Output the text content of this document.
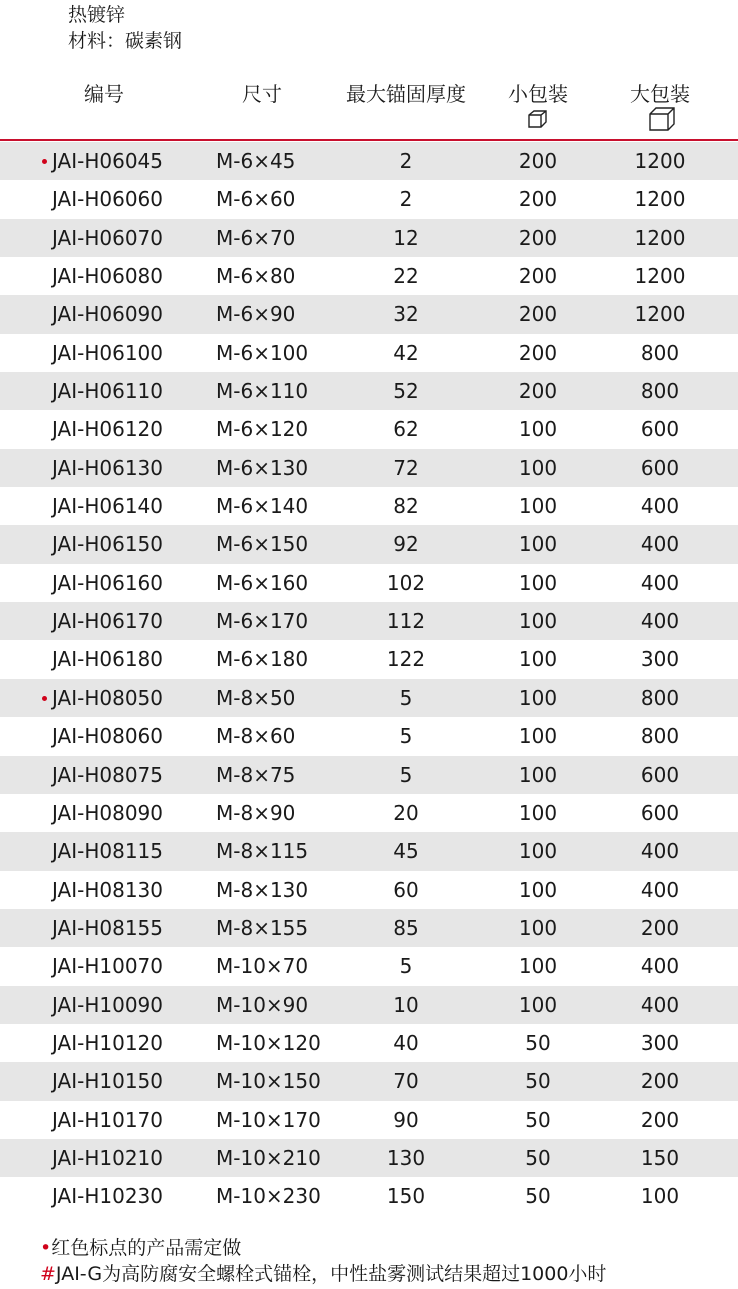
热镀锌
材料：碳素钢
编号	尺寸	最大锚固厚度	小包装	大包装
JAI-H06045	M-6×45	2	200	1200
JAI-H06060	M-6×60	2	200	1200
JAI-H06070	M-6×70	12	200	1200
JAI-H06080	M-6×80	22	200	1200
JAI-H06090	M-6×90	32	200	1200
JAI-H06100	M-6×100	42	200	800
JAI-H06110	M-6×110	52	200	800
JAI-H06120	M-6×120	62	100	600
JAI-H06130	M-6×130	72	100	600
JAI-H06140	M-6×140	82	100	400
JAI-H06150	M-6×150	92	100	400
JAI-H06160	M-6×160	102	100	400
JAI-H06170	M-6×170	112	100	400
JAI-H06180	M-6×180	122	100	300
JAI-H08050	M-8×50	5	100	800
JAI-H08060	M-8×60	5	100	800
JAI-H08075	M-8×75	5	100	600
JAI-H08090	M-8×90	20	100	600
JAI-H08115	M-8×115	45	100	400
JAI-H08130	M-8×130	60	100	400
JAI-H08155	M-8×155	85	100	200
JAI-H10070	M-10×70	5	100	400
JAI-H10090	M-10×90	10	100	400
JAI-H10120	M-10×120	40	50	300
JAI-H10150	M-10×150	70	50	200
JAI-H10170	M-10×170	90	50	200
JAI-H10210	M-10×210	130	50	150
JAI-H10230	M-10×230	150	50	100
•红色标点的产品需定做
#JAI-G为高防腐安全螺栓式锚栓，中性盐雾测试结果超过1000小时
